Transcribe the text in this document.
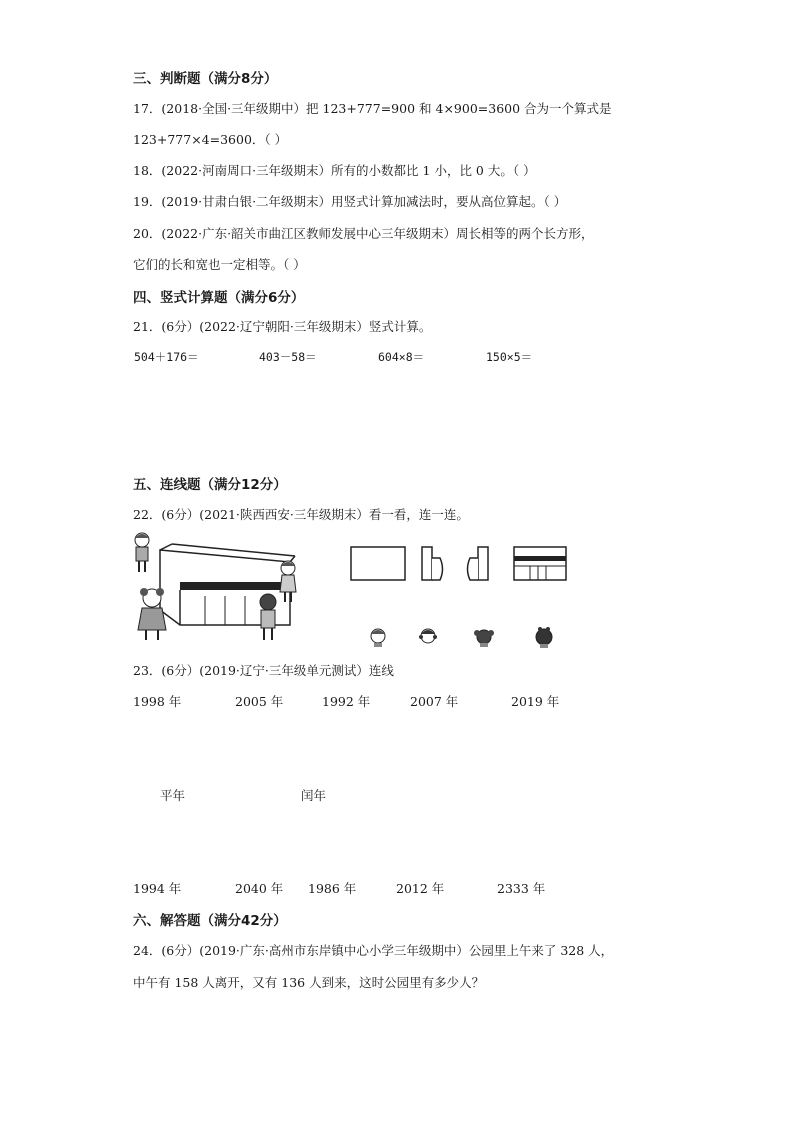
三、判断题（满分8分）
17．(2018·全国·三年级期中）把 123+777=900 和 4×900=3600 合为一个算式是
123+777×4=3600．（ ）
18．(2022·河南周口·三年级期末）所有的小数都比 1 小，比 0 大。（ ）
19．(2019·甘肃白银·二年级期末）用竖式计算加减法时，要从高位算起。（ ）
20．(2022·广东·韶关市曲江区教师发展中心三年级期末）周长相等的两个长方形，
它们的长和宽也一定相等。（ ）
四、竖式计算题（满分6分）
21．(6分）(2022·辽宁朝阳·三年级期末）竖式计算。
504＋176＝	403－58＝	604×8＝	150×5＝
五、连线题（满分12分）
22．(6分）(2021·陕西西安·三年级期末）看一看，连一连。
23．(6分）(2019·辽宁·三年级单元测试）连线
1998 年	2005 年	1992 年	2007 年	2019 年
平年	闰年
1994 年	2040 年 1986 年	2012 年	2333 年
六、解答题（满分42分）
24．(6分）(2019·广东·高州市东岸镇中心小学三年级期中）公园里上午来了 328 人，
中午有 158 人离开，又有 136 人到来，这时公园里有多少人？
